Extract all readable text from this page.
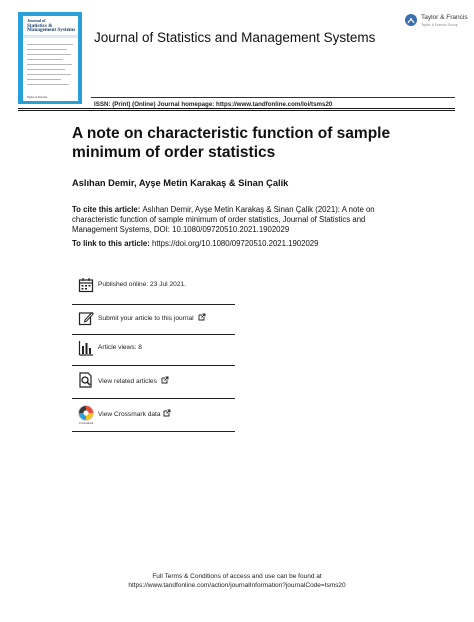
Journal of
Statistics &
Management Systems
Taylor & Francis
Journal of Statistics and Management Systems
Taylor & Francis
Taylor & Francis Group
ISSN: (Print) (Online) Journal homepage: https://www.tandfonline.com/loi/tsms20
A note on characteristic function of sample minimum of order statistics
Aslıhan Demir, Ayşe Metin Karakaş & Sinan Çalik
To cite this article: Aslıhan Demir, Ayşe Metin Karakaş & Sinan Çalik (2021): A note on characteristic function of sample minimum of order statistics, Journal of Statistics and Management Systems, DOI: 10.1080/09720510.2021.1902029
To link to this article: https://doi.org/10.1080/09720510.2021.1902029
Published online: 23 Jul 2021.
Submit your article to this journal
Article views: 8
View related articles
CrossMark
View Crossmark data
Full Terms & Conditions of access and use can be found at
https://www.tandfonline.com/action/journalInformation?journalCode=tsms20
